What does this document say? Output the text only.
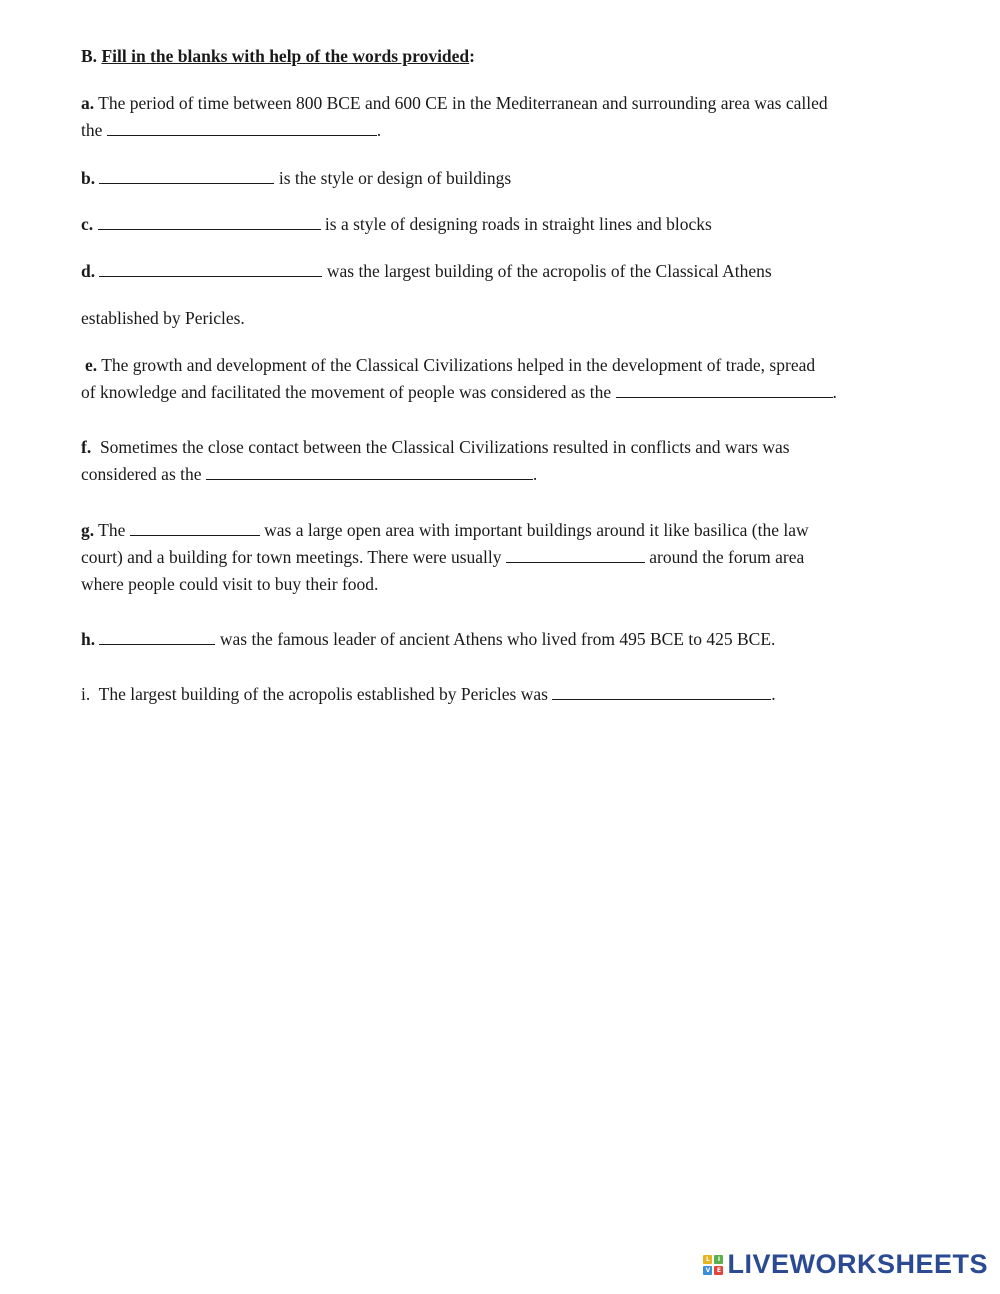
B. Fill in the blanks with help of the words provided:
a. The period of time between 800 BCE and 600 CE in the Mediterranean and surrounding area was called
the	.
b.	is the style or design of buildings
c.	is a style of designing roads in straight lines and blocks
d.	was the largest building of the acropolis of the Classical Athens
established by Pericles.
e. The growth and development of the Classical Civilizations helped in the development of trade, spread
of knowledge and facilitated the movement of people was considered as the	.
f.  Sometimes the close contact between the Classical Civilizations resulted in conflicts and wars was
considered as the	.
g. The	was a large open area with important buildings around it like basilica (the law
court) and a building for town meetings. There were usually	around the forum area
where people could visit to buy their food.
h.	was the famous leader of ancient Athens who lived from 495 BCE to 425 BCE.
i.  The largest building of the acropolis established by Pericles was	.
L	I
V	E LIVEWORKSHEETS
